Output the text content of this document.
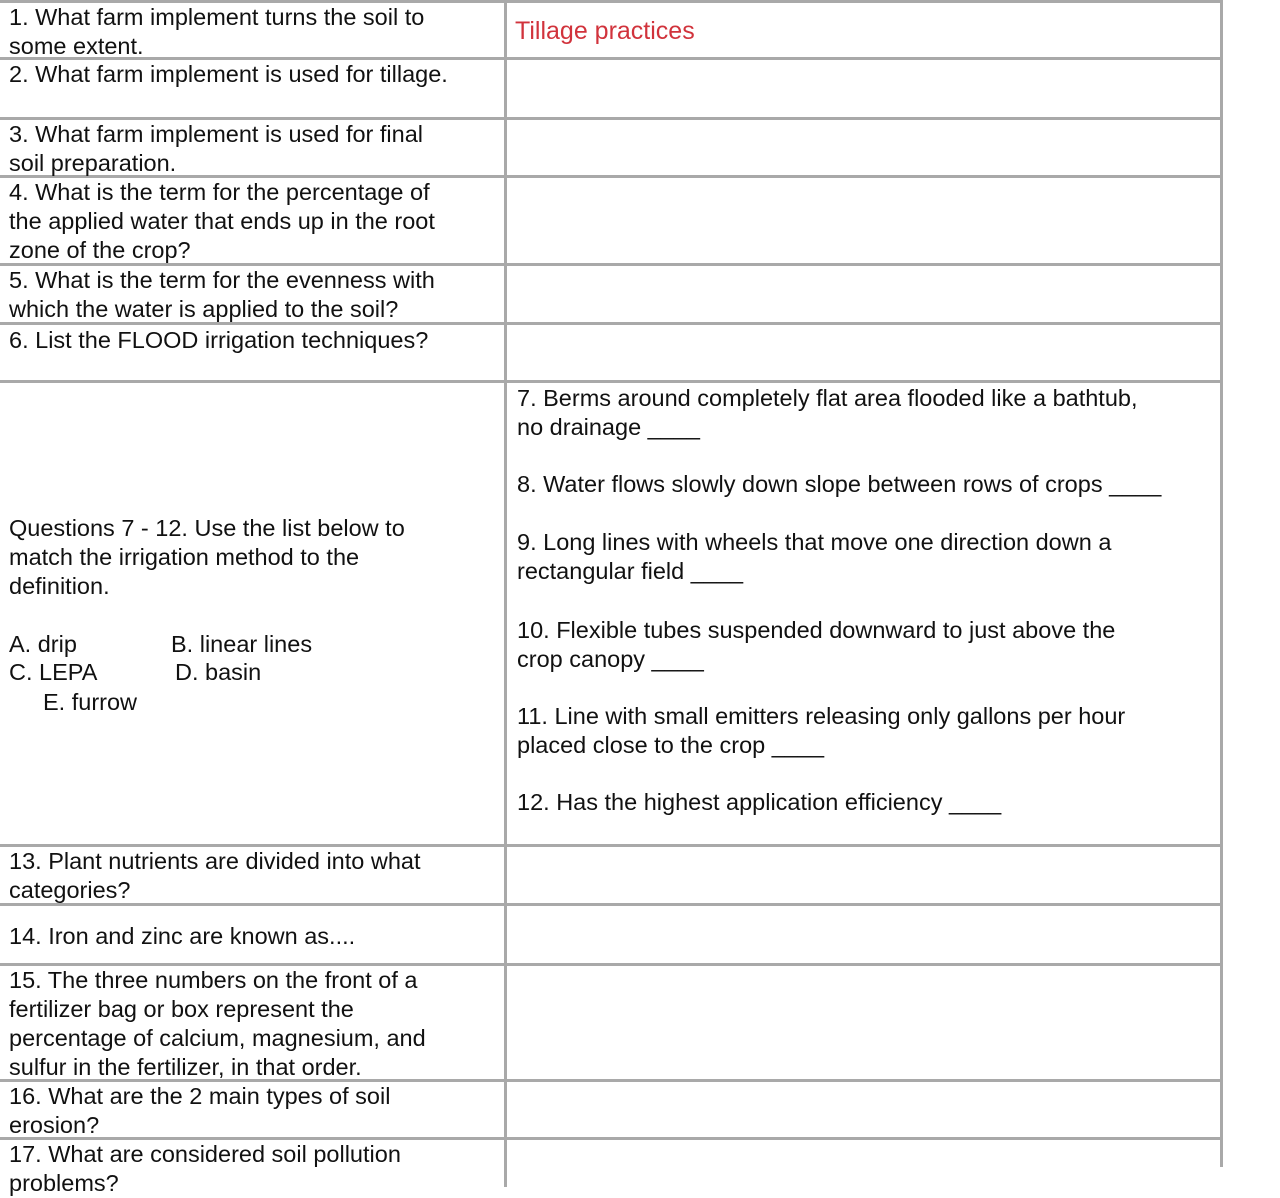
Tillage practices

1. What farm implement turns the soil to
some extent.

2. What farm implement is used for tillage.

3. What farm implement is used for final
soil preparation.

4. What is the term for the percentage of
the applied water that ends up in the root
zone of the crop?

5. What is the term for the evenness with
which the water is applied to the soil?

6. List the FLOOD irrigation techniques?

Questions 7 - 12. Use the list below to
match the irrigation method to the
definition.

A. drip	B. linear lines

C. LEPA	D. basin

E. furrow

7. Berms around completely flat area flooded like a bathtub,
no drainage ____

8. Water flows slowly down slope between rows of crops ____

9. Long lines with wheels that move one direction down a
rectangular field ____

10. Flexible tubes suspended downward to just above the
crop canopy ____

11. Line with small emitters releasing only gallons per hour
placed close to the crop ____

12. Has the highest application efficiency ____

13. Plant nutrients are divided into what
categories?

14. Iron and zinc are known as....

15. The three numbers on the front of a
fertilizer bag or box represent the
percentage of calcium, magnesium, and
sulfur in the fertilizer, in that order.

16. What are the 2 main types of soil
erosion?

17. What are considered soil pollution
problems?
